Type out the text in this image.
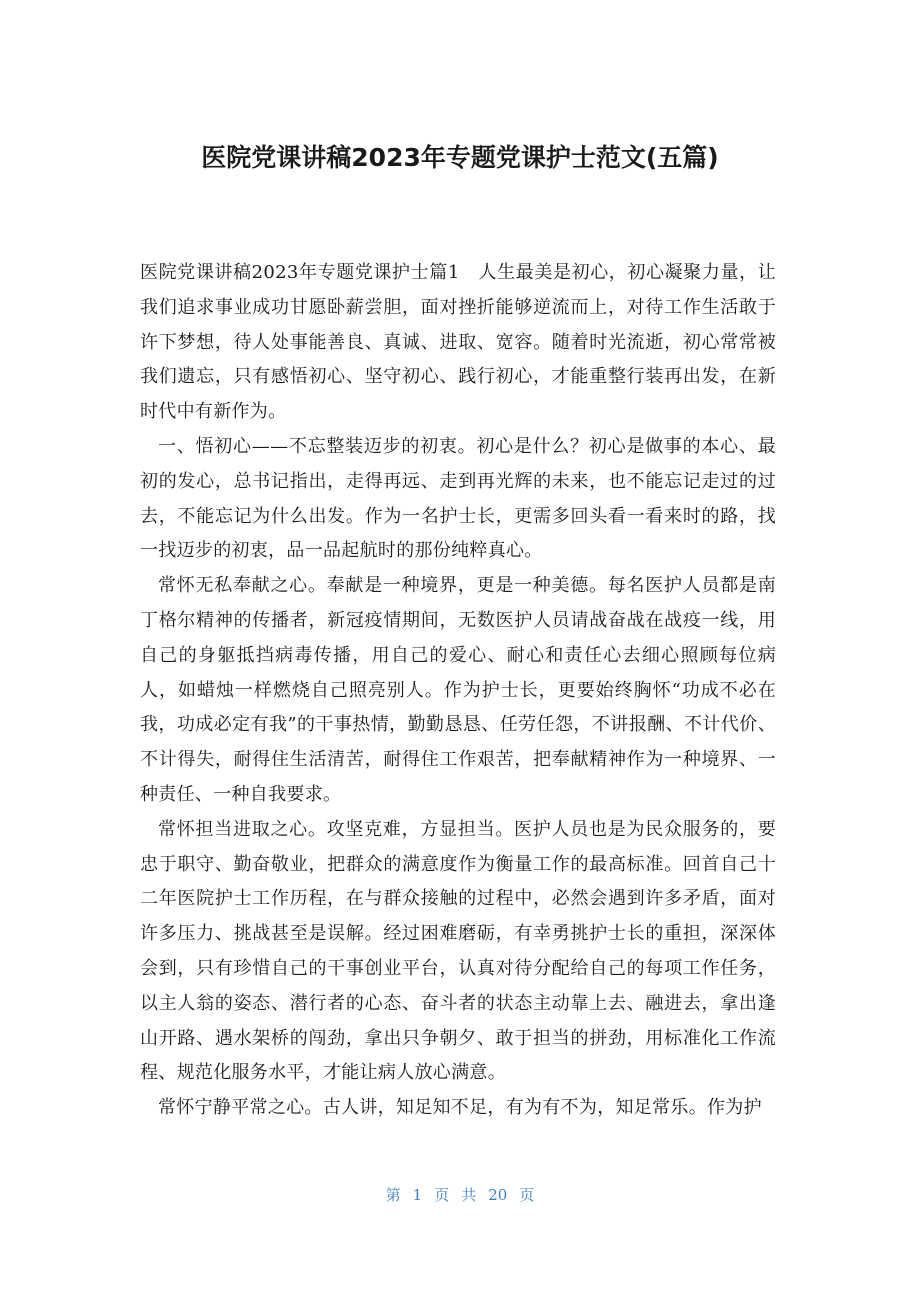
医院党课讲稿2023年专题党课护士范文(五篇)

医院党课讲稿2023年专题党课护士篇1　人生最美是初心，初心凝聚力量，让我们追求事业成功甘愿卧薪尝胆，面对挫折能够逆流而上，对待工作生活敢于许下梦想，待人处事能善良、真诚、进取、宽容。随着时光流逝，初心常常被我们遗忘，只有感悟初心、坚守初心、践行初心，才能重整行装再出发，在新时代中有新作为。

一、悟初心——不忘整装迈步的初衷。初心是什么？初心是做事的本心、最初的发心，总书记指出，走得再远、走到再光辉的未来，也不能忘记走过的过去，不能忘记为什么出发。作为一名护士长，更需多回头看一看来时的路，找一找迈步的初衷，品一品起航时的那份纯粹真心。

常怀无私奉献之心。奉献是一种境界，更是一种美德。每名医护人员都是南丁格尔精神的传播者，新冠疫情期间，无数医护人员请战奋战在战疫一线，用自己的身躯抵挡病毒传播，用自己的爱心、耐心和责任心去细心照顾每位病人，如蜡烛一样燃烧自己照亮别人。作为护士长，更要始终胸怀“功成不必在我，功成必定有我”的干事热情，勤勤恳恳、任劳任怨，不讲报酬、不计代价、不计得失，耐得住生活清苦，耐得住工作艰苦，把奉献精神作为一种境界、一种责任、一种自我要求。

常怀担当进取之心。攻坚克难，方显担当。医护人员也是为民众服务的，要忠于职守、勤奋敬业，把群众的满意度作为衡量工作的最高标准。回首自己十二年医院护士工作历程，在与群众接触的过程中，必然会遇到许多矛盾，面对许多压力、挑战甚至是误解。经过困难磨砺，有幸勇挑护士长的重担，深深体会到，只有珍惜自己的干事创业平台，认真对待分配给自己的每项工作任务，以主人翁的姿态、潜行者的心态、奋斗者的状态主动靠上去、融进去，拿出逢山开路、遇水架桥的闯劲，拿出只争朝夕、敢于担当的拼劲，用标准化工作流程、规范化服务水平，才能让病人放心满意。

常怀宁静平常之心。古人讲，知足知不足，有为有不为，知足常乐。作为护

第 1 页 共 20 页
